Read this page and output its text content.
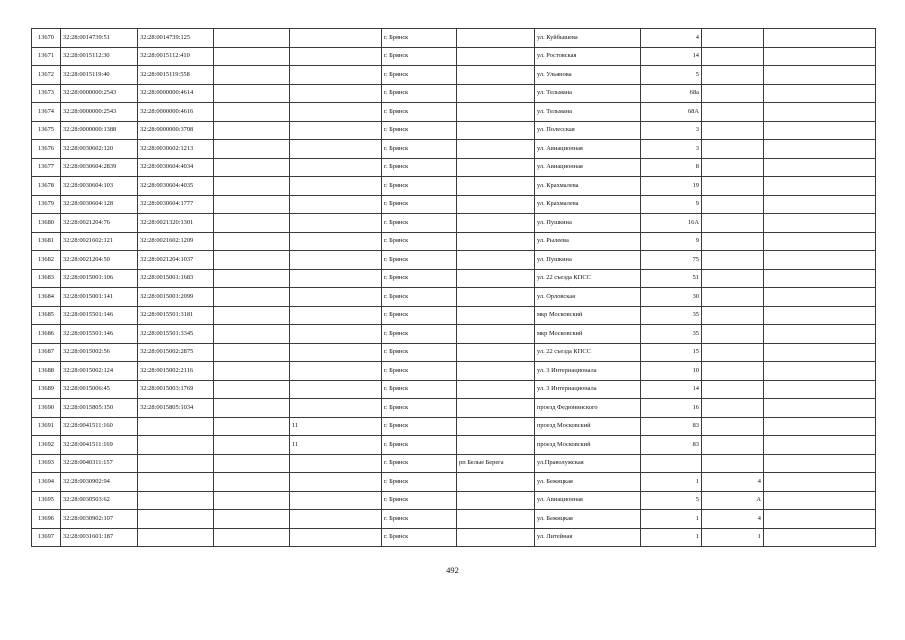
13670	32:28:0014739:51	32:28:0014739:125			г. Брянск		ул. Куйбышева	4		
13671	32:28:0015112:30	32:28:0015112:410			г. Брянск		ул. Ростовская	14		
13672	32:28:0015119:40	32:28:0015119:558			г. Брянск		ул. Ульянова	5		
13673	32:28:0000000:2543	32:28:0000000:4614			г. Брянск		ул. Тельмана	68а		
13674	32:28:0000000:2543	32:28:0000000:4616			г. Брянск		ул. Тельмана	68А		
13675	32:28:0000000:1388	32:28:0000000:3708			г. Брянск		ул. Полесская	3		
13676	32:28:0030602:120	32:28:0030602:1213			г. Брянск		ул. Авиационная	3		
13677	32:28:0030604:2839	32:28:0030604:4034			г. Брянск		ул. Авиационная	8		
13678	32:28:0030604:103	32:28:0030604:4035			г. Брянск		ул. Крахмалева	19		
13679	32:28:0030604:128	32:28:0030604:1777			г. Брянск		ул. Крахмалева	9		
13680	32:28:0021204:76	32:28:0021320:1301			г. Брянск		ул. Пушкина	16А		
13681	32:28:0021602:121	32:28:0021602:1209			г. Брянск		ул. Рылеева	9		
13682	32:28:0021204:50	32:28:0021204:1037			г. Брянск		ул. Пушкина	75		
13683	32:28:0015001:106	32:28:0015001:1683			г. Брянск		ул. 22 съезда КПСС	51		
13684	32:28:0015001:141	32:28:0015001:2099			г. Брянск		ул. Орловская	30		
13685	32:28:0015501:146	32:28:0015501:3181			г. Брянск		мкр Московский	35		
13686	32:28:0015501:146	32:28:0015501:3345			г. Брянск		мкр Московский	35		
13687	32:28:0015002:56	32:28:0015002:2875			г. Брянск		ул. 22 съезда КПСС	15		
13688	32:28:0015002:124	32:28:0015002:2116			г. Брянск		ул. 3 Интернационала	10		
13689	32:28:0015006:45	32:28:0015003:1769			г. Брянск		ул. 3 Интернационала	14		
13690	32:28:0015805:150	32:28:0015805:1034			г. Брянск		проезд Федюнинского	16		
13691	32:28:0041511:160			11	г. Брянск		проезд Московский	83		
13692	32:28:0041511:169			11	г. Брянск		проезд Московский	83		
13693	32:28:0040311:157				г. Брянск	рп Белые Берега	ул.Праволужская			
13694	32:28:0030902:94				г. Брянск		ул. Бежицкая	1	4	
13695	32:28:0030503:62				г. Брянск		ул. Авиационная	5	А	
13696	32:28:0030902:107				г. Брянск		ул. Бежицкая	1	4	
13697	32:28:0031601:187				г. Брянск		ул. Литейная	1	1	
492
